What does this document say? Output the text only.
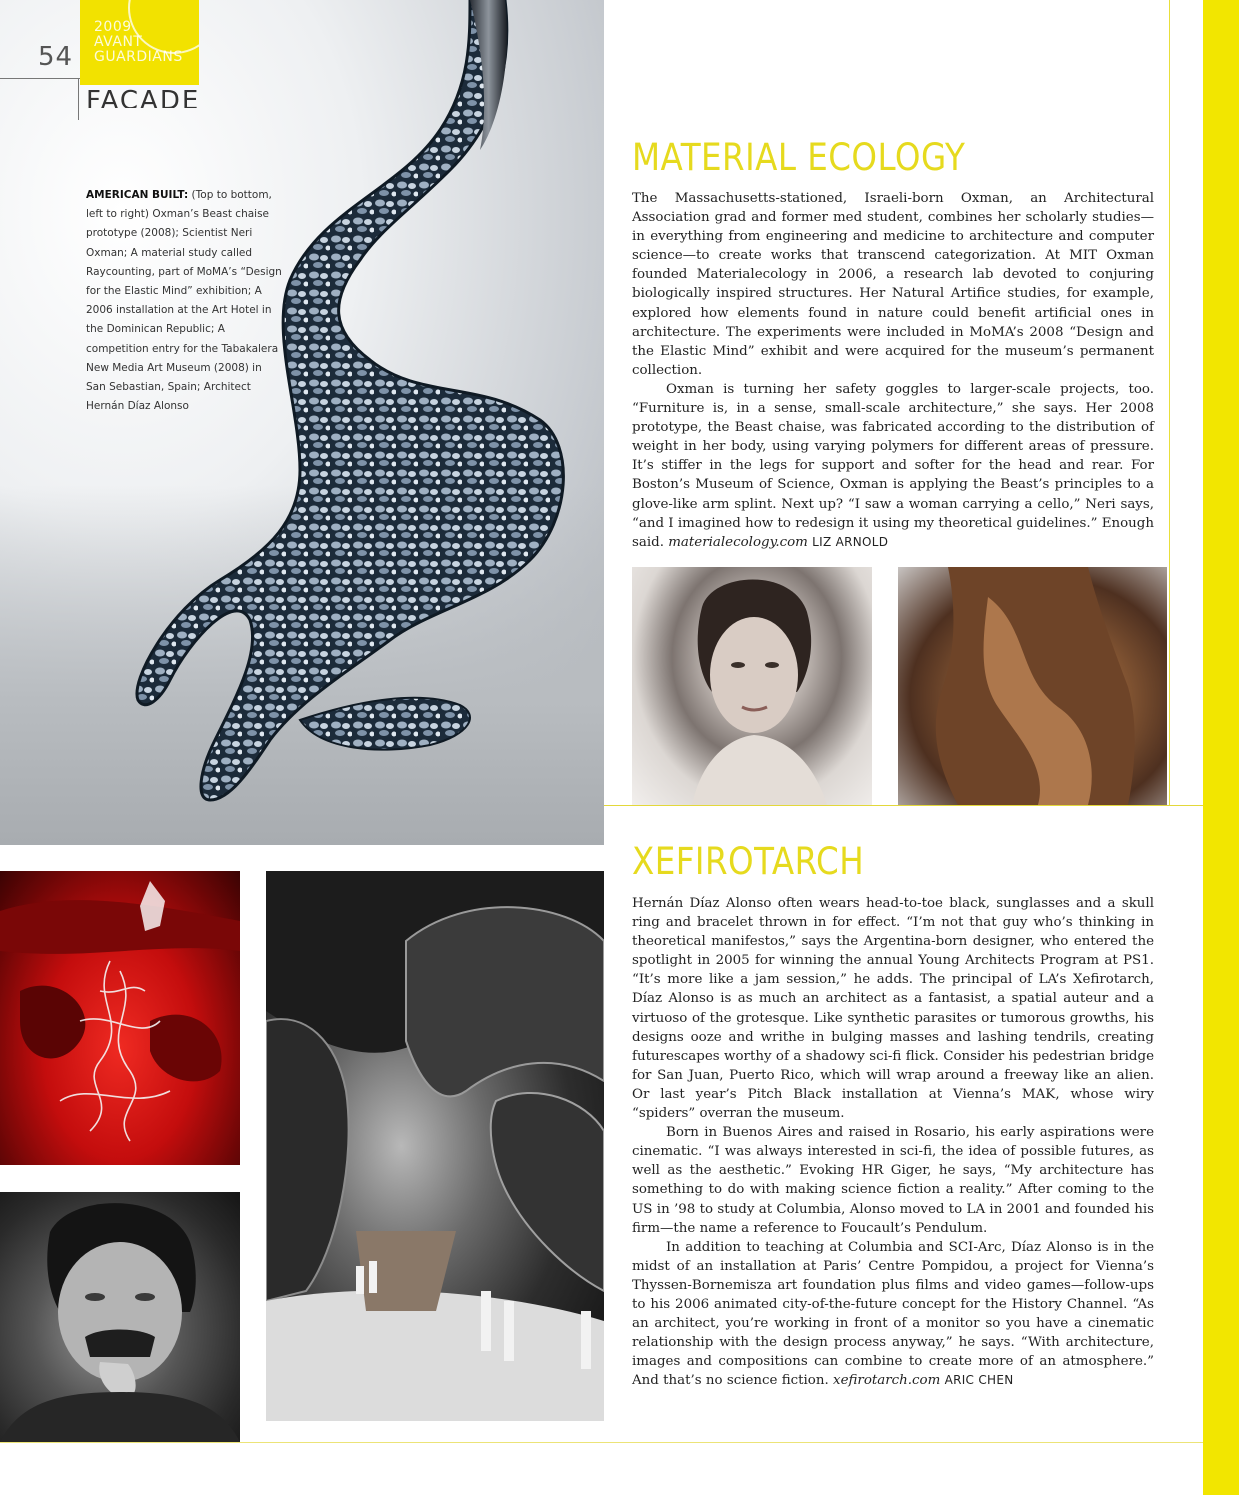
2009
AVANT
GUARDIANS
54
FACADE
AMERICAN BUILT: (Top to bottom, left to right) Oxman’s Beast chaise prototype (2008); Scientist Neri Oxman; A material study called Raycounting, part of MoMA’s “Design for the Elastic Mind” exhibition; A 2006 installation at the Art Hotel in the Dominican Republic; A competition entry for the Tabakalera New Media Art Museum (2008) in San Sebastian, Spain; Architect Hernán Díaz Alonso
MATERIAL ECOLOGY

The Massachusetts-stationed, Israeli-born Oxman, an Architectural Association grad and former med student, combines her scholarly studies—in everything from engineering and medicine to architecture and computer science—to create works that transcend categorization. At MIT Oxman founded Materialecology in 2006, a research lab devoted to conjuring biologically inspired structures. Her Natural Artifice studies, for example, explored how elements found in nature could benefit artificial ones in architecture. The experiments were included in MoMA’s 2008 “Design and the Elastic Mind” exhibit and were acquired for the museum’s permanent collection.

Oxman is turning her safety goggles to larger-scale projects, too. “Furniture is, in a sense, small-scale architecture,” she says. Her 2008 prototype, the Beast chaise, was fabricated according to the distribution of weight in her body, using varying polymers for different areas of pressure. It’s stiffer in the legs for support and softer for the head and rear. For Boston’s Museum of Science, Oxman is applying the Beast’s principles to a glove-like arm splint. Next up? “I saw a woman carrying a cello,” Neri says, “and I imagined how to redesign it using my theoretical guidelines.” Enough said. materialecology.com LIZ ARNOLD

XEFIROTARCH

Hernán Díaz Alonso often wears head-to-toe black, sunglasses and a skull ring and bracelet thrown in for effect. “I’m not that guy who’s thinking in theoretical manifestos,” says the Argentina-born designer, who entered the spotlight in 2005 for winning the annual Young Architects Program at PS1. “It’s more like a jam session,” he adds. The principal of LA’s Xefirotarch, Díaz Alonso is as much an architect as a fantasist, a spatial auteur and a virtuoso of the grotesque. Like synthetic parasites or tumorous growths, his designs ooze and writhe in bulging masses and lashing tendrils, creating futurescapes worthy of a shadowy sci-fi flick. Consider his pedestrian bridge for San Juan, Puerto Rico, which will wrap around a freeway like an alien. Or last year’s Pitch Black installation at Vienna’s MAK, whose wiry “spiders” overran the museum.

Born in Buenos Aires and raised in Rosario, his early aspirations were cinematic. “I was always interested in sci-fi, the idea of possible futures, as well as the aesthetic.” Evoking HR Giger, he says, “My architecture has something to do with making science fiction a reality.” After coming to the US in ’98 to study at Columbia, Alonso moved to LA in 2001 and founded his firm—the name a reference to Foucault’s Pendulum.

In addition to teaching at Columbia and SCI-Arc, Díaz Alonso is in the midst of an installation at Paris’ Centre Pompidou, a project for Vienna’s Thyssen-Bornemisza art foundation plus films and video games—follow-ups to his 2006 animated city-of-the-future concept for the History Channel. “As an architect, you’re working in front of a monitor so you have a cinematic relationship with the design process anyway,” he says. “With architecture, images and compositions can combine to create more of an atmosphere.” And that’s no science fiction. xefirotarch.com ARIC CHEN
